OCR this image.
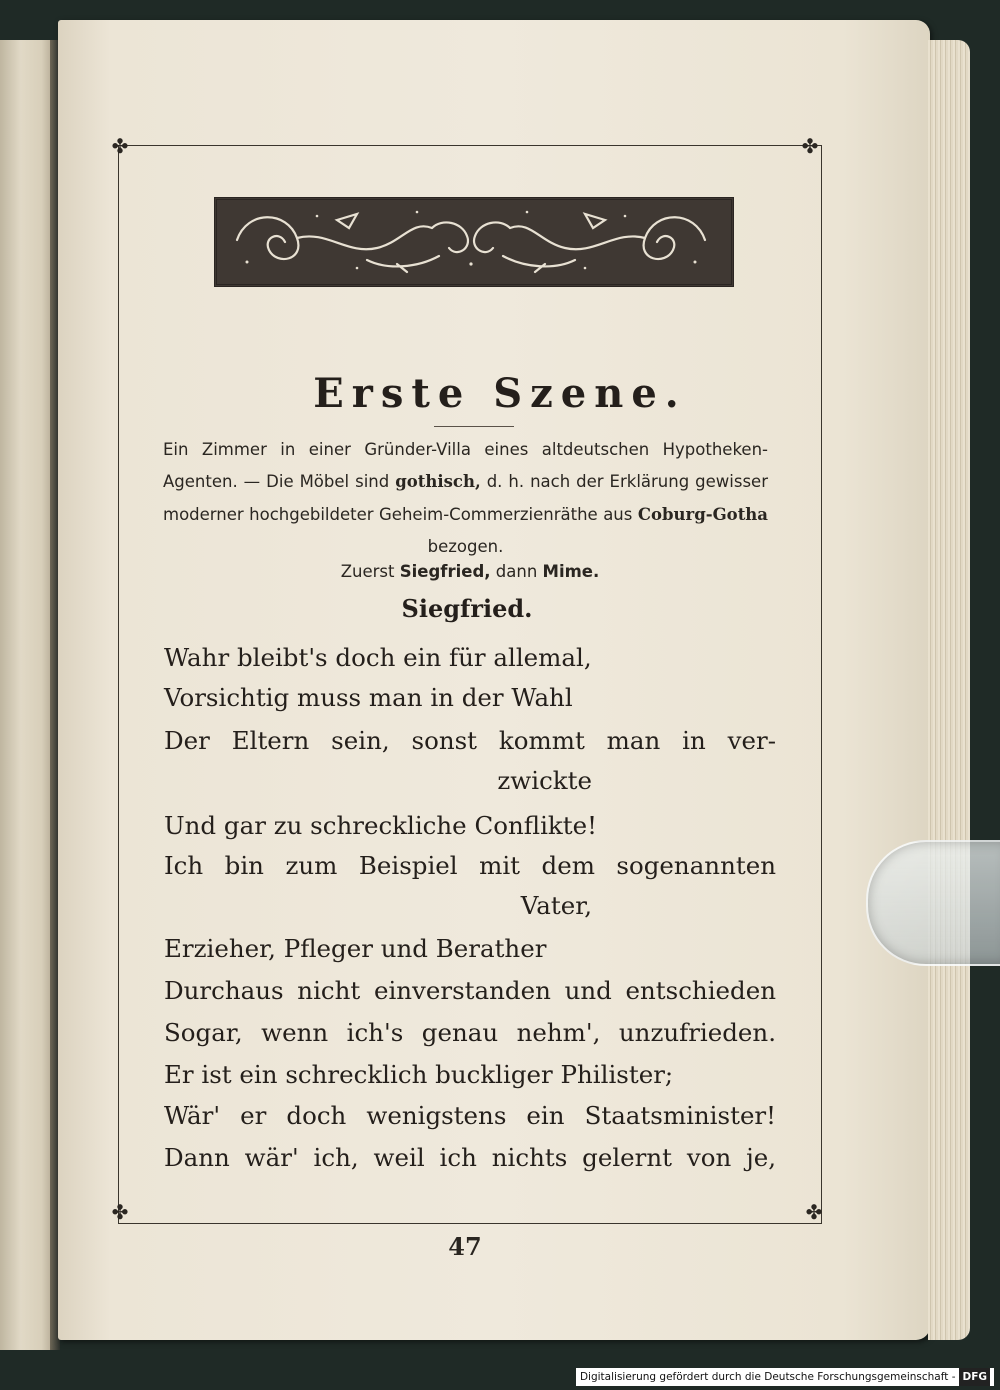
✤	✤
✤	✤
Erste Szene.
Ein Zimmer in einer Gründer-Villa eines altdeutschen Hypotheken-Agenten. — Die Möbel sind gothisch, d. h. nach der Erklärung gewisser moderner hochgebildeter Geheim-Commerzienräthe aus Coburg-Gotha bezogen.
Zuerst Siegfried, dann Mime.
Siegfried.
Wahr bleibt's doch ein für allemal,
Vorsichtig muss man in der Wahl
Der Eltern sein, sonst kommt man in ver-
zwickte
Und gar zu schreckliche Conflikte!
Ich bin zum Beispiel mit dem sogenannten
Vater,
Erzieher, Pfleger und Berather
Durchaus nicht einverstanden und entschieden
Sogar, wenn ich's genau nehm', unzufrieden.
Er ist ein schrecklich buckliger Philister;
Wär' er doch wenigstens ein Staatsminister!
Dann wär' ich, weil ich nichts gelernt von je,
47
Digitalisierung gefördert durch die Deutsche Forschungsgemeinschaft - DFG
